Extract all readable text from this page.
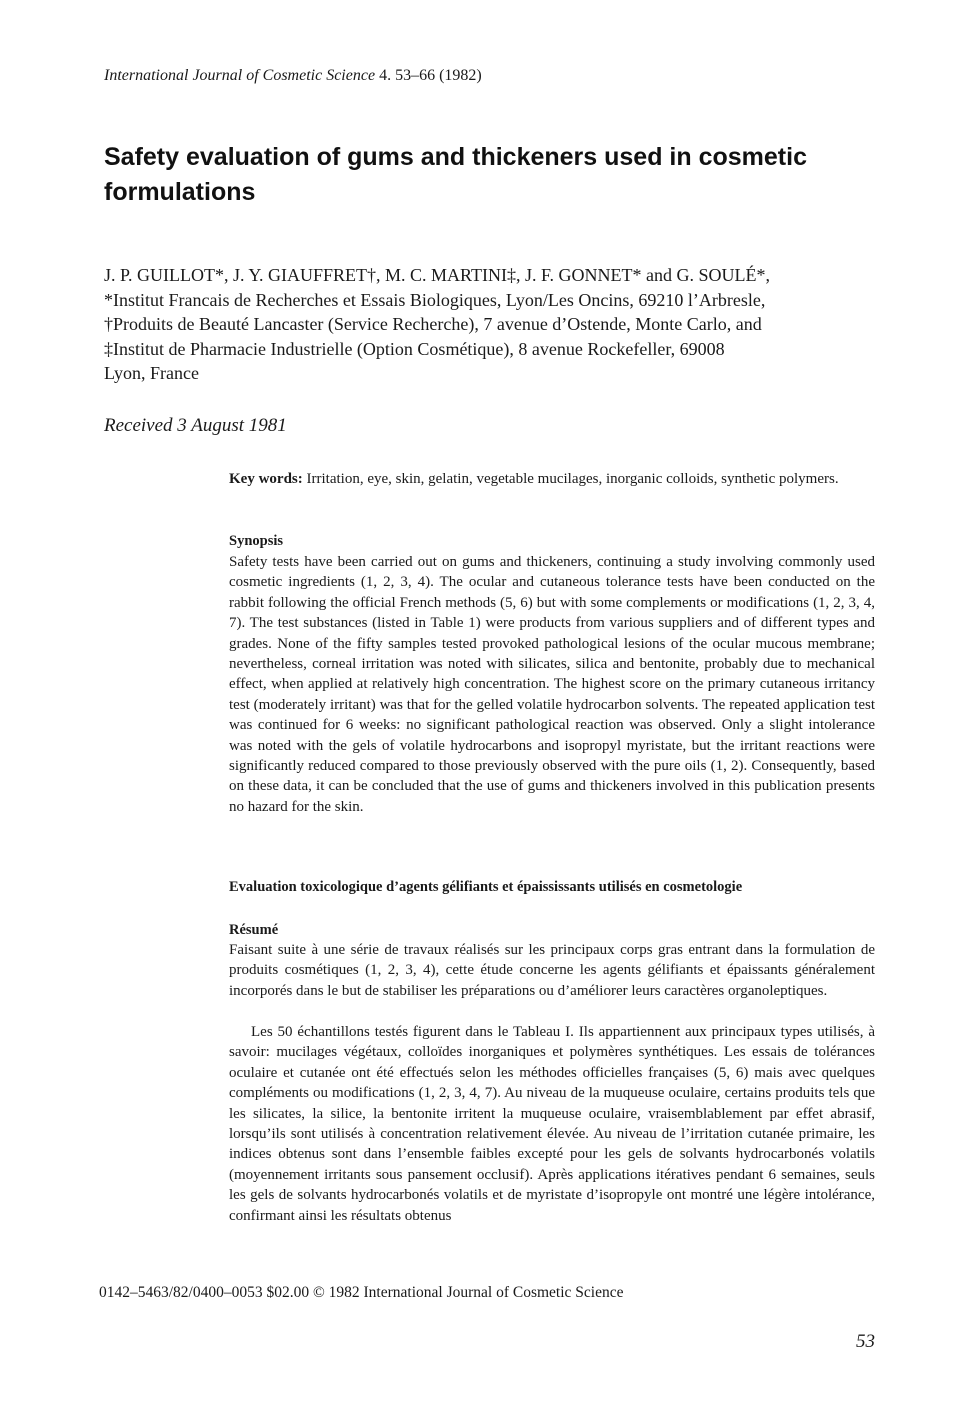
International Journal of Cosmetic Science 4. 53–66 (1982)
Safety evaluation of gums and thickeners used in cosmetic formulations
J. P. GUILLOT*, J. Y. GIAUFFRET†, M. C. MARTINI‡, J. F. GONNET* and G. SOULÉ*,
*Institut Francais de Recherches et Essais Biologiques, Lyon/Les Oncins, 69210 l’Arbresle,
†Produits de Beauté Lancaster (Service Recherche), 7 avenue d’Ostende, Monte Carlo, and
‡Institut de Pharmacie Industrielle (Option Cosmétique), 8 avenue Rockefeller, 69008
Lyon, France
Received 3 August 1981
Key words: Irritation, eye, skin, gelatin, vegetable mucilages, inorganic colloids, synthetic polymers.
Synopsis
Safety tests have been carried out on gums and thickeners, continuing a study involving commonly used cosmetic ingredients (1, 2, 3, 4). The ocular and cutaneous tolerance tests have been conducted on the rabbit following the official French methods (5, 6) but with some complements or modifications (1, 2, 3, 4, 7). The test substances (listed in Table 1) were products from various suppliers and of different types and grades. None of the fifty samples tested provoked pathological lesions of the ocular mucous membrane; nevertheless, corneal irritation was noted with silicates, silica and bentonite, probably due to mechanical effect, when applied at relatively high concentration. The highest score on the primary cutaneous irritancy test (moderately irritant) was that for the gelled volatile hydrocarbon solvents. The repeated application test was continued for 6 weeks: no significant pathological reaction was observed. Only a slight intolerance was noted with the gels of volatile hydrocarbons and isopropyl myristate, but the irritant reactions were significantly reduced compared to those previously observed with the pure oils (1, 2). Consequently, based on these data, it can be concluded that the use of gums and thickeners involved in this publication presents no hazard for the skin.
Evaluation toxicologique d’agents gélifiants et épaississants utilisés en cosmetologie
Résumé
Faisant suite à une série de travaux réalisés sur les principaux corps gras entrant dans la formulation de produits cosmétiques (1, 2, 3, 4), cette étude concerne les agents gélifiants et épaissants généralement incorporés dans le but de stabiliser les préparations ou d’améliorer leurs caractères organoleptiques.
Les 50 échantillons testés figurent dans le Tableau I. Ils appartiennent aux principaux types utilisés, à savoir: mucilages végétaux, colloïdes inorganiques et polymères synthétiques. Les essais de tolérances oculaire et cutanée ont été effectués selon les méthodes officielles françaises (5, 6) mais avec quelques compléments ou modifications (1, 2, 3, 4, 7). Au niveau de la muqueuse oculaire, certains produits tels que les silicates, la silice, la bentonite irritent la muqueuse oculaire, vraisemblablement par effet abrasif, lorsqu’ils sont utilisés à concentration relativement élevée. Au niveau de l’irritation cutanée primaire, les indices obtenus sont dans l’ensemble faibles excepté pour les gels de solvants hydrocarbonés volatils (moyennement irritants sous pansement occlusif). Après applications itératives pendant 6 semaines, seuls les gels de solvants hydrocarbonés volatils et de myristate d’isopropyle ont montré une légère intolérance, confirmant ainsi les résultats obtenus
0142–5463/82/0400–0053 $02.00 © 1982 International Journal of Cosmetic Science
53
